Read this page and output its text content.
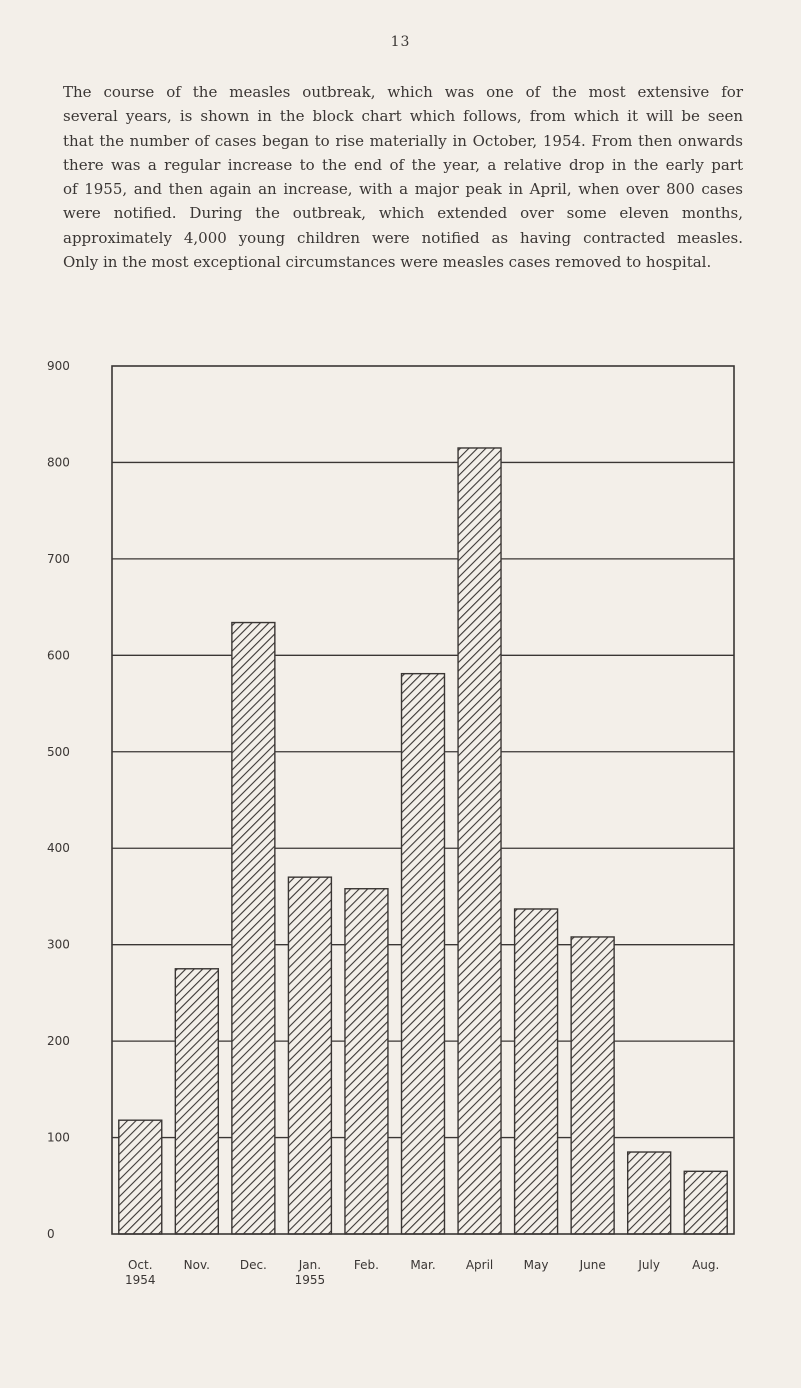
13

The course of the measles outbreak, which was one of the most extensive for
several years, is shown in the block chart which follows, from which it will be seen
that the number of cases began to rise materially in October, 1954. From then onwards
there was a regular increase to the end of the year, a relative drop in the early part
of 1955, and then again an increase, with a major peak in April, when over 800 cases
were notified. During the outbreak, which extended over some eleven months,
approximately 4,000 young children were notified as having contracted measles.
Only in the most exceptional circumstances were measles cases removed to hospital.

0
100
200
300
400
500
600
700
800
900
Oct. 1954
Nov. Dec.	Jan. 1955
Feb.	Mar.	April	May	June	July	Aug.
